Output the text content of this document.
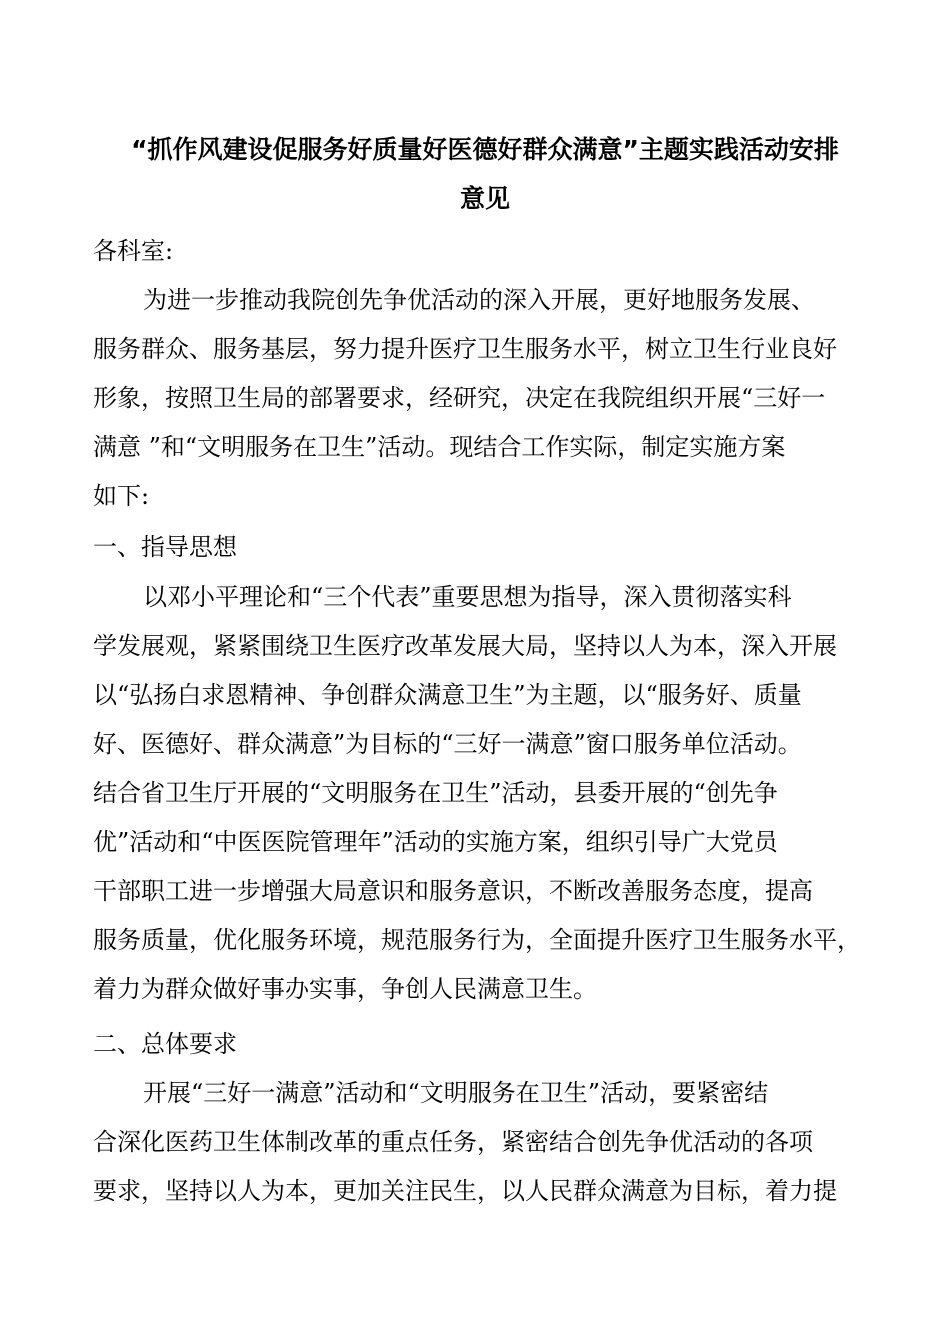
“抓作风建设促服务好质量好医德好群众满意”主题实践活动安排
意见
各科室:
为进一步推动我院创先争优活动的深入开展，更好地服务发展、
服务群众、服务基层，努力提升医疗卫生服务水平，树立卫生行业良好
形象，按照卫生局的部署要求，经研究，决定在我院组织开展“三好一
满意 ”和“文明服务在卫生”活动。现结合工作实际，制定实施方案
如下:
一、指导思想
以邓小平理论和“三个代表”重要思想为指导，深入贯彻落实科
学发展观，紧紧围绕卫生医疗改革发展大局，坚持以人为本，深入开展
以“弘扬白求恩精神、争创群众满意卫生”为主题，以“服务好、质量
好、医德好、群众满意”为目标的“三好一满意”窗口服务单位活动。
结合省卫生厅开展的“文明服务在卫生”活动，县委开展的“创先争
优”活动和“中医医院管理年”活动的实施方案，组织引导广大党员
干部职工进一步增强大局意识和服务意识，不断改善服务态度，提高
服务质量，优化服务环境，规范服务行为，全面提升医疗卫生服务水平，
着力为群众做好事办实事，争创人民满意卫生。
二、总体要求
开展“三好一满意”活动和“文明服务在卫生”活动，要紧密结
合深化医药卫生体制改革的重点任务，紧密结合创先争优活动的各项
要求，坚持以人为本，更加关注民生，以人民群众满意为目标，着力提
